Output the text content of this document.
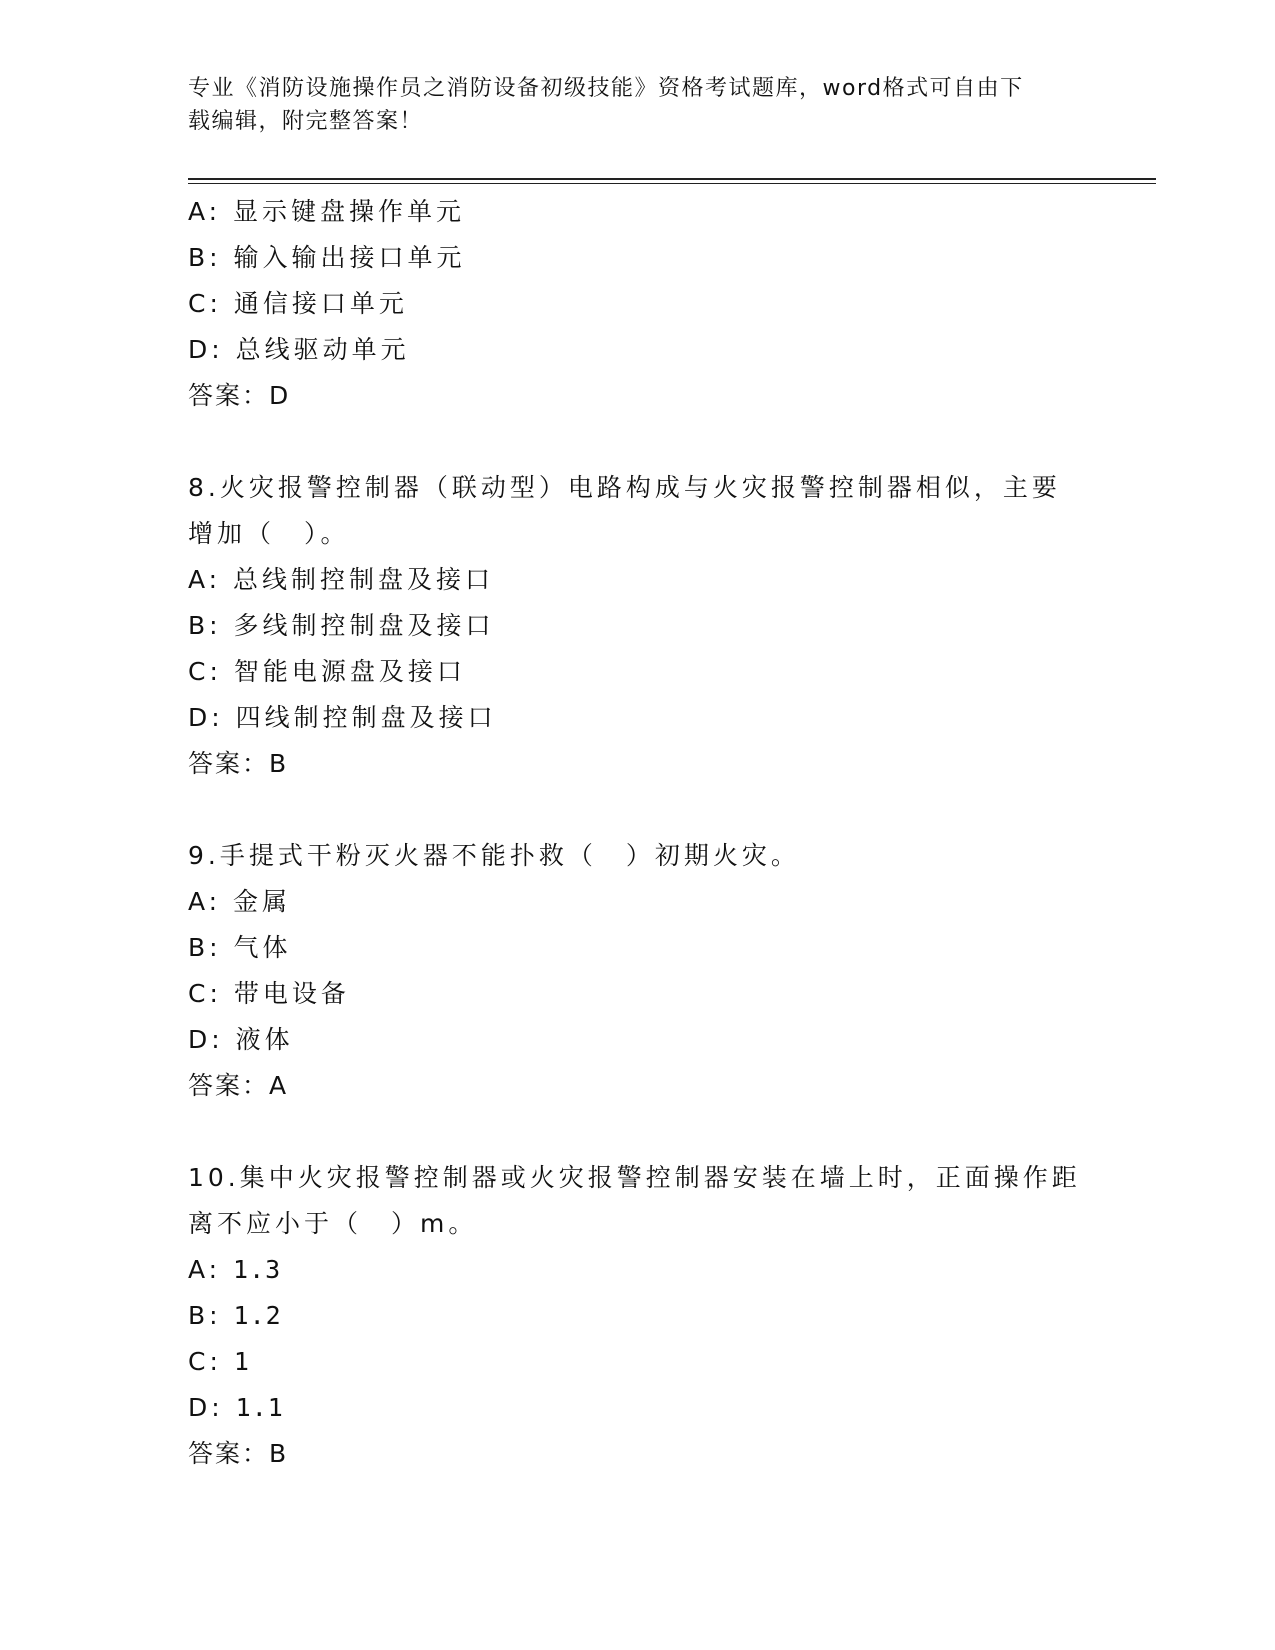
专业《消防设施操作员之消防设备初级技能》资格考试题库，word格式可自由下
载编辑，附完整答案！
A: 显示键盘操作单元
B: 输入输出接口单元
C: 通信接口单元
D: 总线驱动单元
答案：D
8.火灾报警控制器（联动型）电路构成与火灾报警控制器相似，主要
增加（　）。
A: 总线制控制盘及接口
B: 多线制控制盘及接口
C: 智能电源盘及接口
D: 四线制控制盘及接口
答案：B
9.手提式干粉灭火器不能扑救（　）初期火灾。
A: 金属
B: 气体
C: 带电设备
D: 液体
答案：A
10.集中火灾报警控制器或火灾报警控制器安装在墙上时，正面操作距
离不应小于（　）m。
A: 1.3
B: 1.2
C: 1
D: 1.1
答案：B
